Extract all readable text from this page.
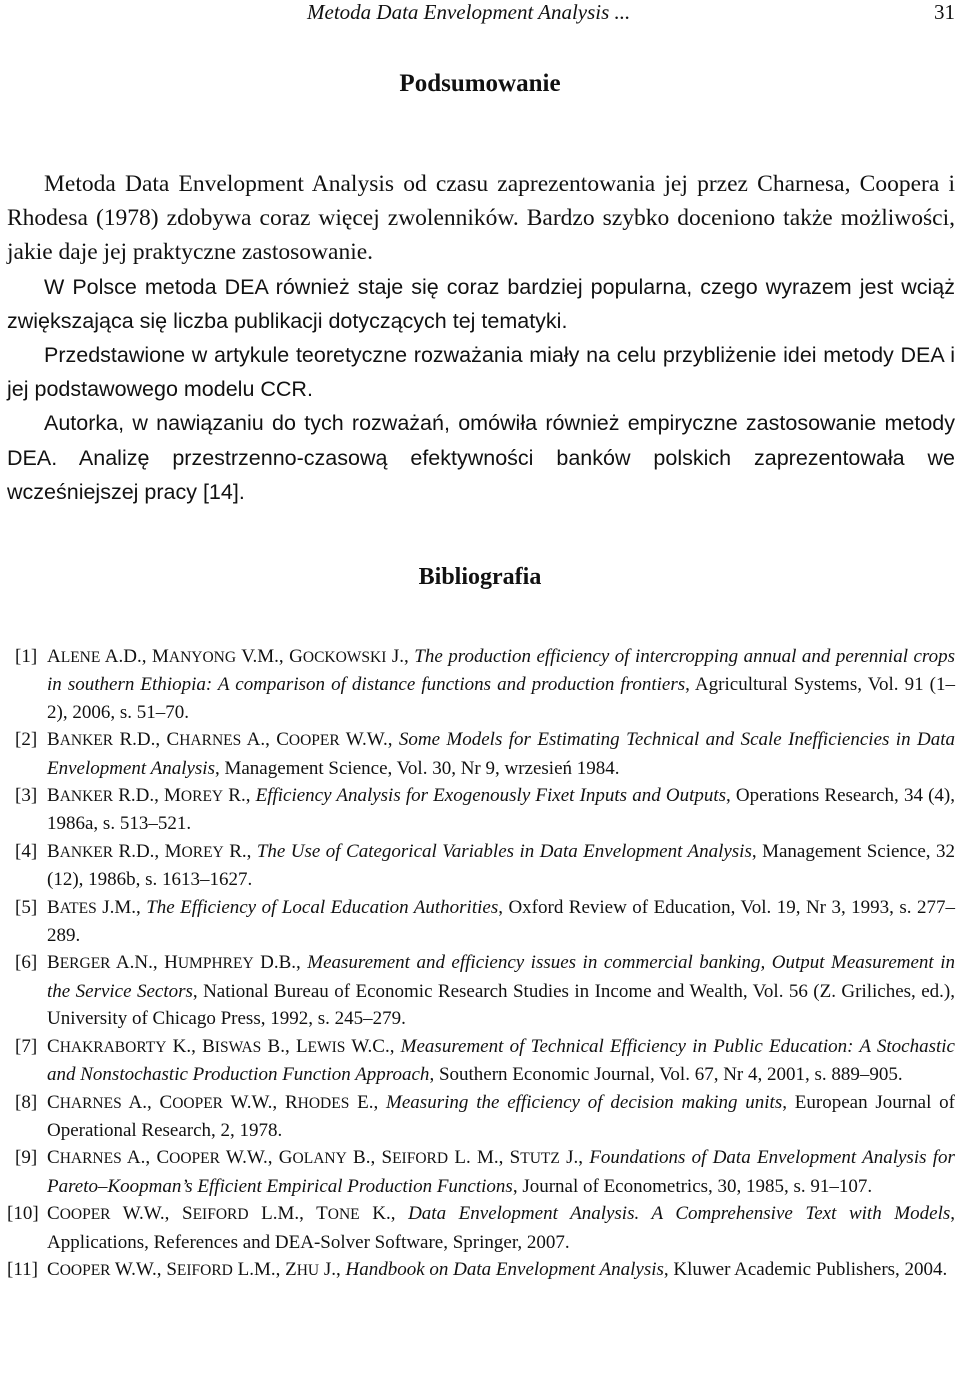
Metoda Data Envelopment Analysis ...	31
Podsumowanie

Metoda Data Envelopment Analysis od czasu zaprezentowania jej przez Charnesa, Coopera i Rhodesa (1978) zdobywa coraz więcej zwolenników. Bardzo szybko doceniono także możliwości, jakie daje jej praktyczne zastosowanie.

W Polsce metoda DEA również staje się coraz bardziej popularna, czego wyrazem jest wciąż zwiększająca się liczba publikacji dotyczących tej tematyki.

Przedstawione w artykule teoretyczne rozważania miały na celu przybliżenie idei metody DEA i jej podstawowego modelu CCR.

Autorka, w nawiązaniu do tych rozważań, omówiła również empiryczne zastosowanie metody DEA. Analizę przestrzenno-czasową efektywności banków polskich zaprezentowała we wcześniejszej pracy [14].

Bibliografia
[1] ALENE A.D., MANYONG V.M., GOCKOWSKI J., The production efficiency of intercropping annual and perennial crops in southern Ethiopia: A comparison of distance functions and production frontiers, Agricultural Systems, Vol. 91 (1–2), 2006, s. 51–70.
[2] BANKER R.D., CHARNES A., COOPER W.W., Some Models for Estimating Technical and Scale Inefficiencies in Data Envelopment Analysis, Management Science, Vol. 30, Nr 9, wrzesień 1984.
[3] BANKER R.D., MOREY R., Efficiency Analysis for Exogenously Fixet Inputs and Outputs, Operations Research, 34 (4), 1986a, s. 513–521.
[4] BANKER R.D., MOREY R., The Use of Categorical Variables in Data Envelopment Analysis, Management Science, 32 (12), 1986b, s. 1613–1627.
[5] BATES J.M., The Efficiency of Local Education Authorities, Oxford Review of Education, Vol. 19, Nr 3, 1993, s. 277–289.
[6] BERGER A.N., HUMPHREY D.B., Measurement and efficiency issues in commercial banking, Output Measurement in the Service Sectors, National Bureau of Economic Research Studies in Income and Wealth, Vol. 56 (Z. Griliches, ed.), University of Chicago Press, 1992, s. 245–279.
[7] CHAKRABORTY K., BISWAS B., LEWIS W.C., Measurement of Technical Efficiency in Public Education: A Stochastic and Nonstochastic Production Function Approach, Southern Economic Journal, Vol. 67, Nr 4, 2001, s. 889–905.
[8] CHARNES A., COOPER W.W., RHODES E., Measuring the efficiency of decision making units, European Journal of Operational Research, 2, 1978.
[9] CHARNES A., COOPER W.W., GOLANY B., SEIFORD L. M., STUTZ J., Foundations of Data Envelopment Analysis for Pareto–Koopman’s Efficient Empirical Production Functions, Journal of Econometrics, 30, 1985, s. 91–107.
[10] COOPER W.W., SEIFORD L.M., TONE K., Data Envelopment Analysis. A Comprehensive Text with Models, Applications, References and DEA-Solver Software, Springer, 2007.
[11] COOPER W.W., SEIFORD L.M., ZHU J., Handbook on Data Envelopment Analysis, Kluwer Academic Publishers, 2004.
